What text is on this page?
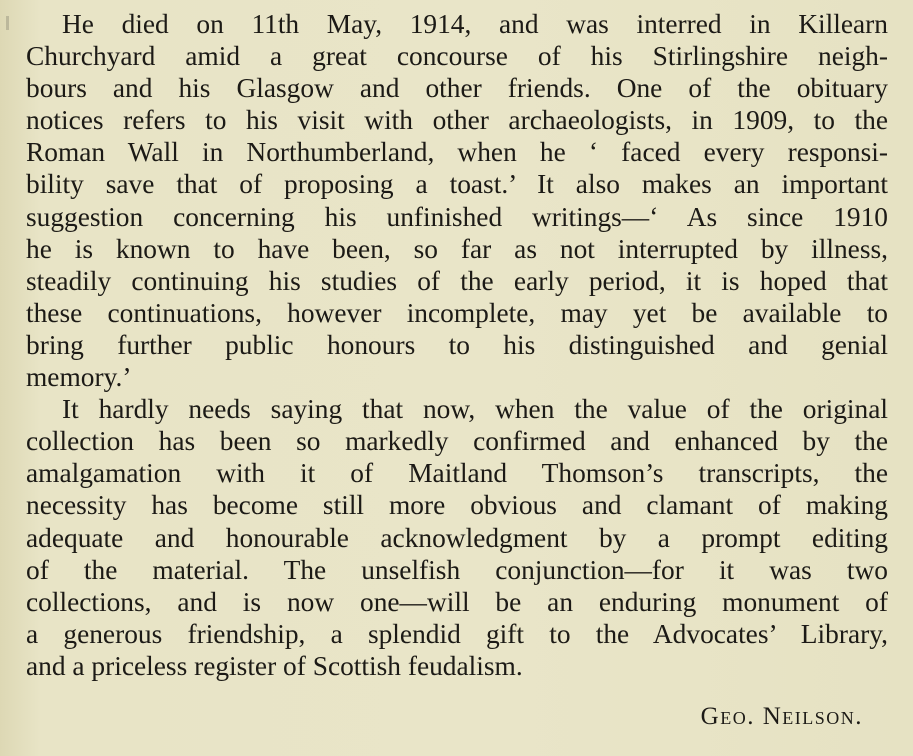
He died on 11th May, 1914, and was interred in Killearn
Churchyard amid a great concourse of his Stirlingshire neigh-
bours and his Glasgow and other friends. One of the obituary
notices refers to his visit with other archaeologists, in 1909, to the
Roman Wall in Northumberland, when he ‘ faced every responsi-
bility save that of proposing a toast.’ It also makes an important
suggestion concerning his unfinished writings—‘ As since 1910
he is known to have been, so far as not interrupted by illness,
steadily continuing his studies of the early period, it is hoped that
these continuations, however incomplete, may yet be available to
bring further public honours to his distinguished and genial
memory.’
It hardly needs saying that now, when the value of the original
collection has been so markedly confirmed and enhanced by the
amalgamation with it of Maitland Thomson’s transcripts, the
necessity has become still more obvious and clamant of making
adequate and honourable acknowledgment by a prompt editing
of the material. The unselfish conjunction—for it was two
collections, and is now one—will be an enduring monument of
a generous friendship, a splendid gift to the Advocates’ Library,
and a priceless register of Scottish feudalism.
Geo. Neilson.
